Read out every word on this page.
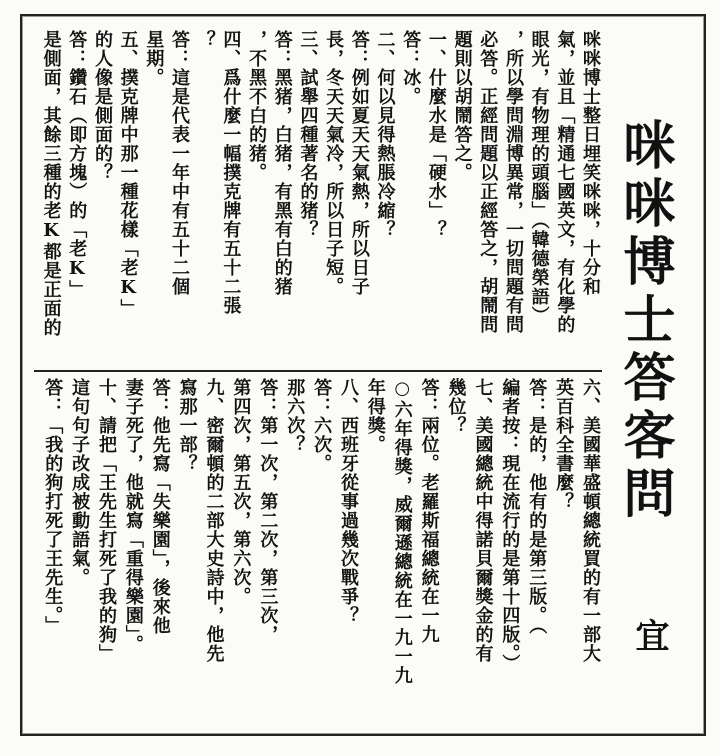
咪咪博士答客問
宜
咪咪博士整日埋笑咪咪，十分和
氣，並且「精通七國英文，有化學的
眼光，有物理的頭腦」（韓德榮語）
，所以學問淵博異常，一切問題有問
必答。正經問題以正經答之，胡鬧問
題則以胡鬧答之。
一、什麼水是「硬水」？
答：冰。
二、何以見得熱脹冷縮？
答：例如夏天天氣熱，所以日子
長，冬天天氣冷，所以日子短。
三、試舉四種著名的猪？
答：黑猪，白猪，有黑有白的猪
，不黑不白的猪。
四、爲什麼一幅撲克牌有五十二張
？
答：這是代表一年中有五十二個
星期。
五、撲克牌中那一種花樣「老K」
的人像是側面的？
答：鑽石（即方塊）的「老K」
是側面，其餘三種的老K都是正面的
六、美國華盛頓總統買的有一部大
英百科全書麼？
答：是的，他有的是第三版。（
編者按：現在流行的是第十四版。）
七、美國總統中得諾貝爾獎金的有
幾位？
答：兩位。老羅斯福總統在一九
○六年得獎，威爾遜總統在一九一九
年得獎。
八、西班牙從事過幾次戰爭？
答：六次。
那六次？
答：第一次，第二次，第三次，
第四次，第五次，第六次。
九、密爾頓的二部大史詩中，他先
寫那一部？
答：他先寫「失樂園」，後來他
妻子死了，他就寫「重得樂園」。
十、請把「王先生打死了我的狗」
這句句子改成被動語氣。
答：「我的狗打死了王先生。」
